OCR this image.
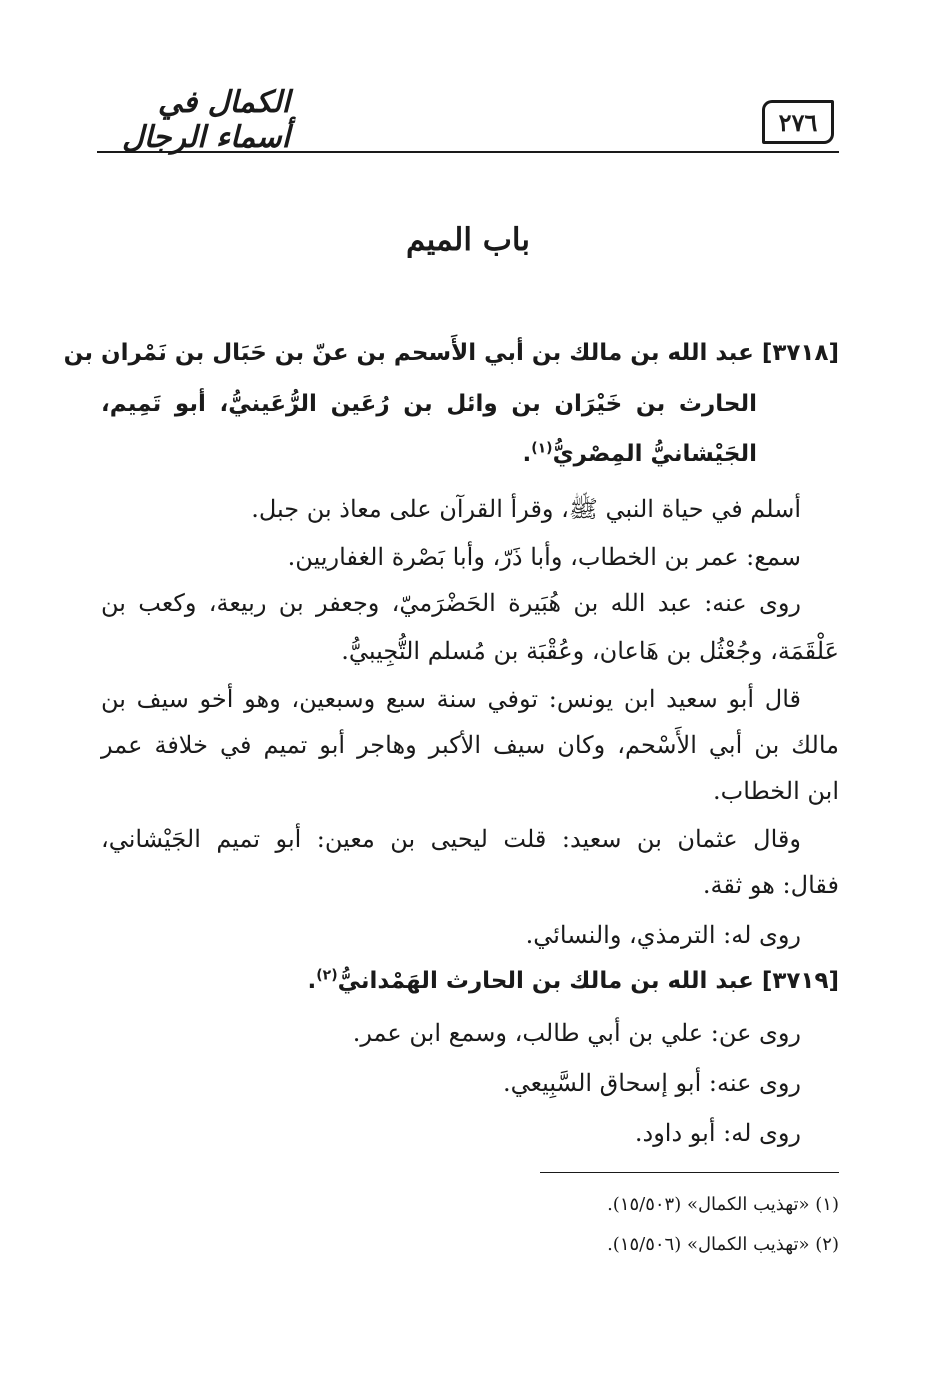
٢٧٦
الكمال في أسماء الرجال
باب الميم
[٣٧١٨] عبد الله بن مالك بن أبي الأَسحم بن عنّ بن حَبَال بن نَمْران بن
الحارث بن خَيْرَان بن وائل بن رُعَين الرُّعَينيُّ، أبو تَمِيم،
الجَيْشانيُّ المِصْريُّ$^{(١)}$.
أسلم في حياة النبي ﷺ، وقرأ القرآن على معاذ بن جبل.
سمع: عمر بن الخطاب، وأبا ذَرّ، وأبا بَصْرة الغفاريين.
روى عنه: عبد الله بن هُبَيرة الحَضْرَميّ، وجعفر بن ربيعة، وكعب بن
عَلْقَمَة، وجُعْثُل بن هَاعان، وعُقْبَة بن مُسلم التُّجِيبيُّ.
قال أبو سعيد ابن يونس: توفي سنة سبع وسبعين، وهو أخو سيف بن
مالك بن أبي الأَسْحم، وكان سيف الأكبر وهاجر أبو تميم في خلافة عمر
ابن الخطاب.
وقال عثمان بن سعيد: قلت ليحيى بن معين: أبو تميم الجَيْشاني،
فقال: هو ثقة.
روى له: الترمذي، والنسائي.
[٣٧١٩] عبد الله بن مالك بن الحارث الهَمْدانيُّ$^{(٢)}$.
روى عن: علي بن أبي طالب، وسمع ابن عمر.
روى عنه: أبو إسحاق السَّبِيعي.
روى له: أبو داود.
(١) «تهذيب الكمال» (١٥/٥٠٣).
(٢) «تهذيب الكمال» (١٥/٥٠٦).
